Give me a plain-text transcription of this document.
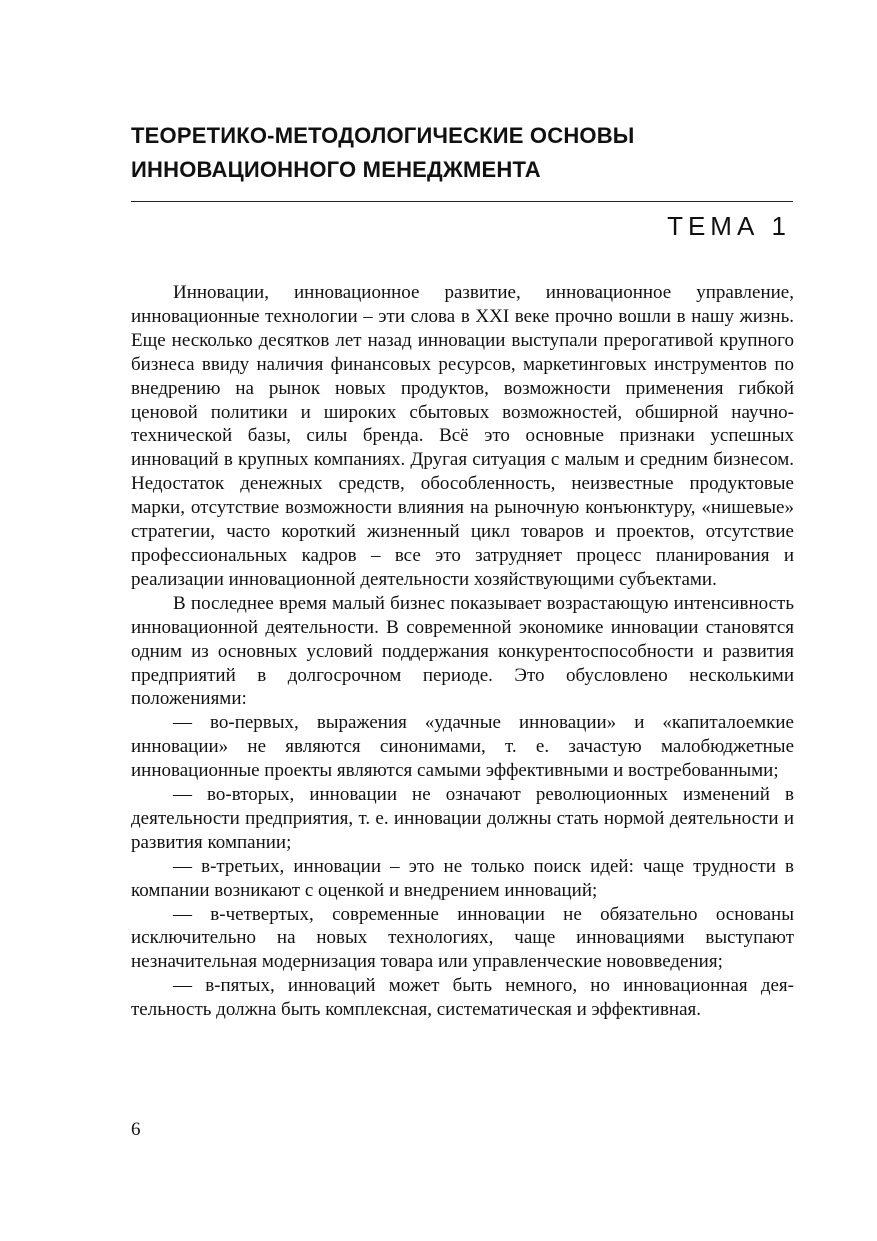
ТЕОРЕТИКО-МЕТОДОЛОГИЧЕСКИЕ ОСНОВЫ
ИННОВАЦИОННОГО МЕНЕДЖМЕНТА
ТЕМА 1

Инновации, инновационное развитие, инновационное управление, инновационные технологии – эти слова в XXI веке прочно вошли в нашу жизнь. Еще несколько десятков лет назад инновации выступали прерогативой крупного бизнеса ввиду наличия финансовых ресурсов, маркетинговых инструментов по внедрению на рынок новых продуктов, возможности применения гибкой ценовой политики и широких сбытовых возможностей, обширной научно-технической базы, силы бренда. Всё это основные признаки успешных инноваций в крупных компаниях. Другая ситуация с малым и средним бизнесом. Недостаток денежных средств, обособленность, неизвестные продуктовые марки, отсутствие возможности влияния на рыночную конъюнктуру, «нишевые» стратегии, часто короткий жизненный цикл товаров и проектов, отсутствие профессиональных кадров – все это затрудняет процесс планирования и реализации инновационной деятельности хозяйствующими субъектами.

В последнее время малый бизнес показывает возрастающую интенсивность инновационной деятельности. В современной экономике инновации становятся одним из основных условий поддержания конкурентоспособности и развития предприятий в долгосрочном периоде. Это обусловлено несколькими положениями:

— во-первых, выражения «удачные инновации» и «капиталоемкие инновации» не являются синонимами, т. е. зачастую малобюджетные инновационные проекты являются самыми эффективными и востребованными;

— во-вторых, инновации не означают революционных изменений в деятельности предприятия, т. е. инновации должны стать нормой деятельности и развития компании;

— в-третьих, инновации – это не только поиск идей: чаще трудности в компании возникают с оценкой и внедрением инноваций;

— в-четвертых, современные инновации не обязательно основаны исключительно на новых технологиях, чаще инновациями выступают незначительная модернизация товара или управленческие нововведения;

— в-пятых, инноваций может быть немного, но инновационная деятельность должна быть комплексная, систематическая и эффективная.

6
